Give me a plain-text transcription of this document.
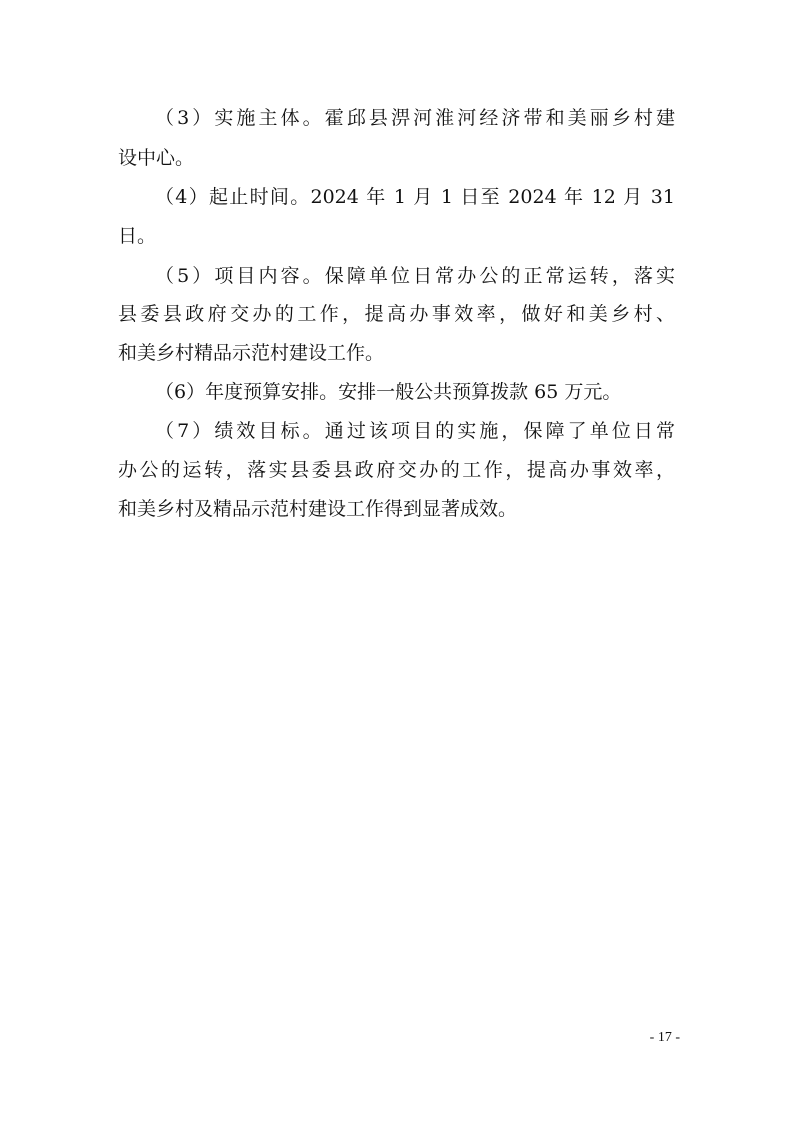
（3）实施主体。霍邱县淠河淮河经济带和美丽乡村建

设中心。

（4）起止时间。2024 年 1 月 1 日至 2024 年 12 月 31

日。

（5）项目内容。保障单位日常办公的正常运转，落实

县委县政府交办的工作，提高办事效率，做好和美乡村、

和美乡村精品示范村建设工作。

（6）年度预算安排。安排一般公共预算拨款 65 万元。

（7）绩效目标。通过该项目的实施，保障了单位日常

办公的运转，落实县委县政府交办的工作，提高办事效率，

和美乡村及精品示范村建设工作得到显著成效。

- 17 -
